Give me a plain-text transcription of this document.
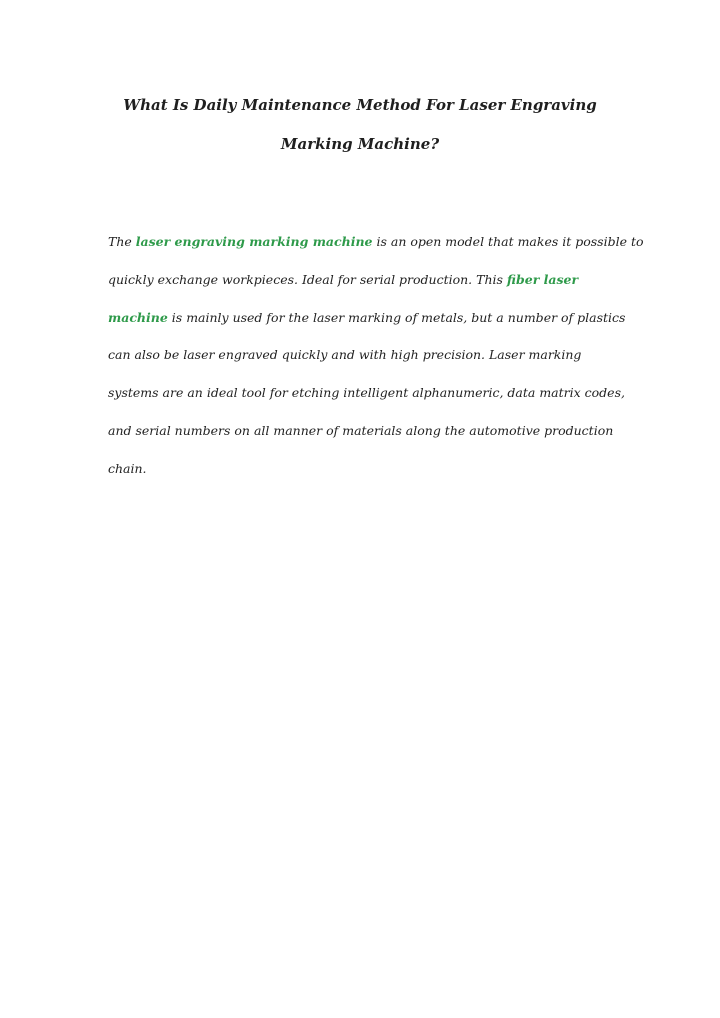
What Is Daily Maintenance Method For Laser Engraving
Marking Machine?

The laser engraving marking machine is an open model that makes it possible to

quickly exchange workpieces. Ideal for serial production. This fiber laser

machine is mainly used for the laser marking of metals, but a number of plastics

can also be laser engraved quickly and with high precision. Laser marking

systems are an ideal tool for etching intelligent alphanumeric, data matrix codes,

and serial numbers on all manner of materials along the automotive production

chain.
